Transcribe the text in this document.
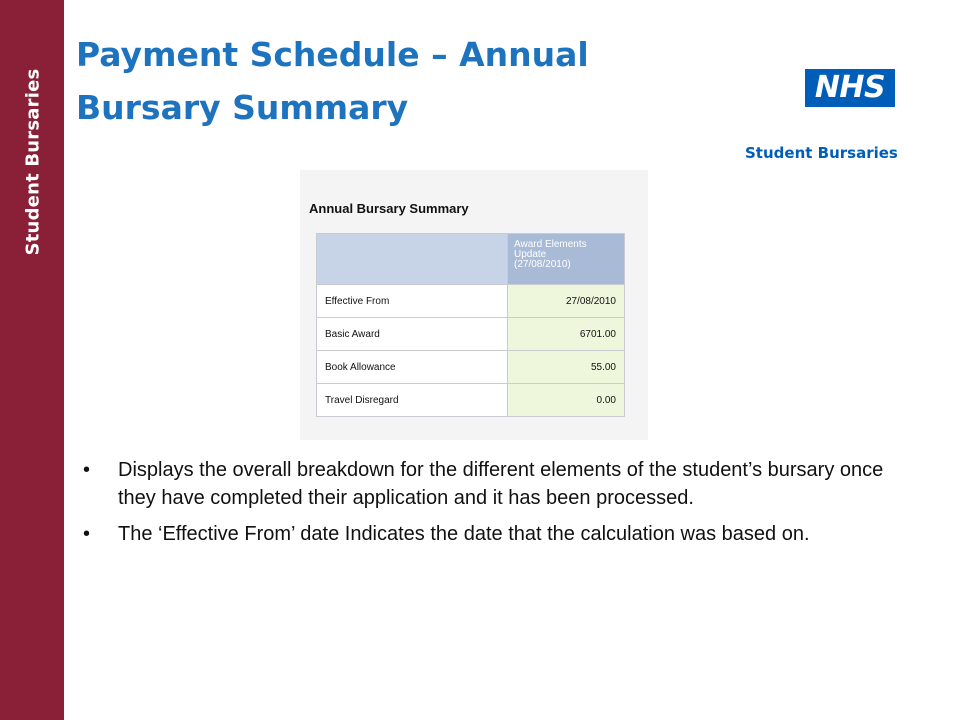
Student Bursaries
Payment Schedule – Annual
Bursary Summary
NHS
Student Bursaries
Annual Bursary Summary

	Award Elements
Update
(27/08/2010)

Effective From	27/08/2010
Basic Award	6701.00
Book Allowance	55.00
Travel Disregard	0.00
• Displays the overall breakdown for the different elements of the student’s bursary once they have completed their application and it has been processed.
• The ‘Effective From’ date Indicates the date that the calculation was based on.
